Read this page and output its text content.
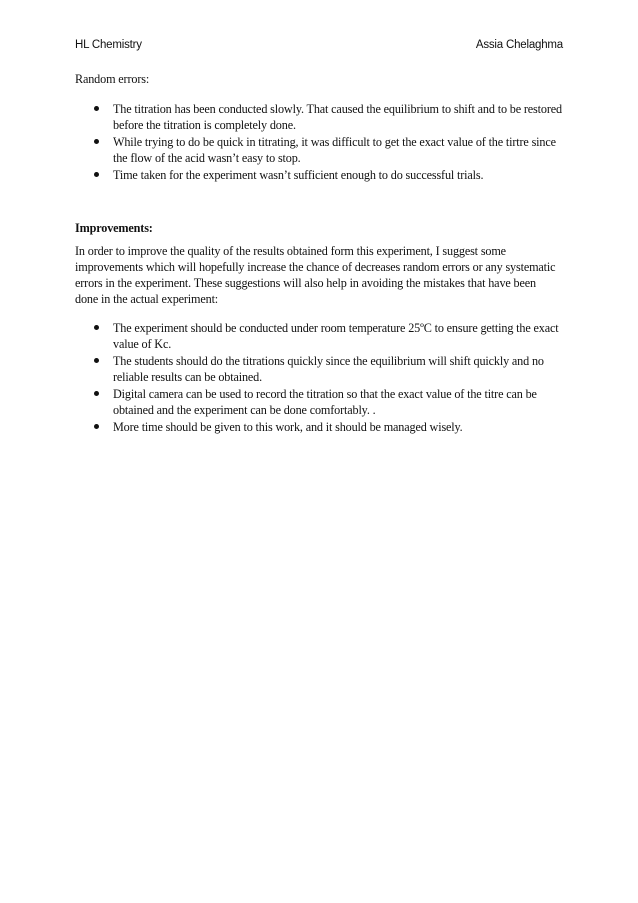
HL Chemistry	Assia Chelaghma
Random errors:
The titration has been conducted slowly. That caused the equilibrium to shift and to be restored before the titration is completely done.
While trying to do be quick in titrating, it was difficult to get the exact value of the tirtre since the flow of the acid wasn’t easy to stop.
Time taken for the experiment wasn’t sufficient enough to do successful trials.
Improvements:

In order to improve the quality of the results obtained form this experiment, I suggest some improvements which will hopefully increase the chance of decreases random errors or any systematic errors in the experiment. These suggestions will also help in avoiding the mistakes that have been done in the actual experiment:

The experiment should be conducted under room temperature 25ºC to ensure getting the exact value of Kc.
The students should do the titrations quickly since the equilibrium will shift quickly and no reliable results can be obtained.
Digital camera can be used to record the titration so that the exact value of the titre can be obtained and the experiment can be done comfortably. .
More time should be given to this work, and it should be managed wisely.
